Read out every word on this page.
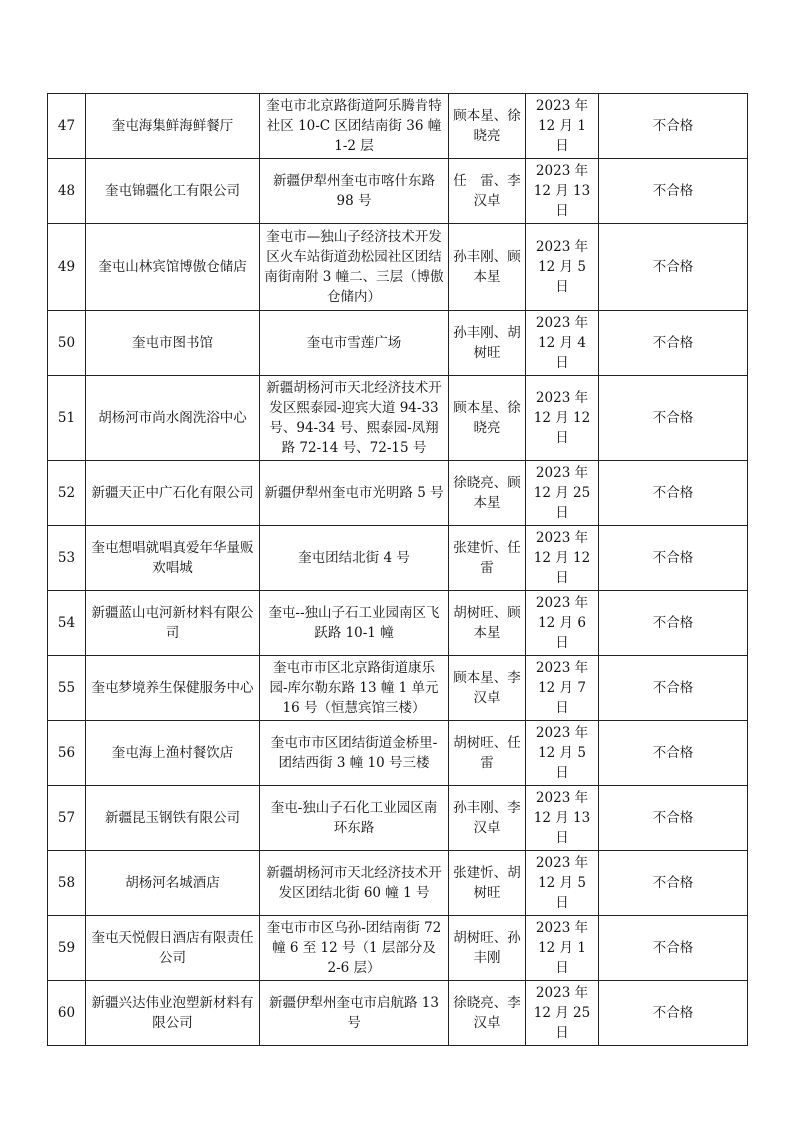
47	奎屯海集鲜海鲜餐厅	奎屯市北京路街道阿乐腾肯特社区 10-C 区团结南街 36 幢 1-2 层	顾本星、徐晓亮	2023 年 12 月 1 日	不合格
48	奎屯锦疆化工有限公司	新疆伊犁州奎屯市喀什东路 98 号	任　雷、李汉卓	2023 年 12 月 13 日	不合格
49	奎屯山林宾馆博傲仓储店	奎屯市—独山子经济技术开发区火车站街道劲松园社区团结南街南附 3 幢二、三层（博傲仓储内）	孙丰刚、顾本星	2023 年 12 月 5 日	不合格
50	奎屯市图书馆	奎屯市雪莲广场	孙丰刚、胡树旺	2023 年 12 月 4 日	不合格
51	胡杨河市尚水阁洗浴中心	新疆胡杨河市天北经济技术开发区熙泰园-迎宾大道 94-33 号、94-34 号、熙泰园-凤翔路 72-14 号、72-15 号	顾本星、徐晓亮	2023 年 12 月 12 日	不合格
52	新疆天正中广石化有限公司	新疆伊犁州奎屯市光明路 5 号	徐晓亮、顾本星	2023 年 12 月 25 日	不合格
53	奎屯想唱就唱真爱年华量贩欢唱城	奎屯团结北街 4 号	张建忻、任　雷	2023 年 12 月 12 日	不合格
54	新疆蓝山屯河新材料有限公司	奎屯--独山子石工业园南区飞跃路 10-1 幢	胡树旺、顾本星	2023 年 12 月 6 日	不合格
55	奎屯梦境养生保健服务中心	奎屯市市区北京路街道康乐园-库尔勒东路 13 幢 1 单元 16 号（恒慧宾馆三楼）	顾本星、李汉卓	2023 年 12 月 7 日	不合格
56	奎屯海上渔村餐饮店	奎屯市市区团结街道金桥里-团结西街 3 幢 10 号三楼	胡树旺、任　雷	2023 年 12 月 5 日	不合格
57	新疆昆玉钢铁有限公司	奎屯-独山子石化工业园区南环东路	孙丰刚、李汉卓	2023 年 12 月 13 日	不合格
58	胡杨河名城酒店	新疆胡杨河市天北经济技术开发区团结北街 60 幢 1 号	张建忻、胡树旺	2023 年 12 月 5 日	不合格
59	奎屯天悦假日酒店有限责任公司	奎屯市市区乌孙-团结南街 72 幢 6 至 12 号（1 层部分及 2-6 层）	胡树旺、孙丰刚	2023 年 12 月 1 日	不合格
60	新疆兴达伟业泡塑新材料有限公司	新疆伊犁州奎屯市启航路 13 号	徐晓亮、李汉卓	2023 年 12 月 25 日	不合格
